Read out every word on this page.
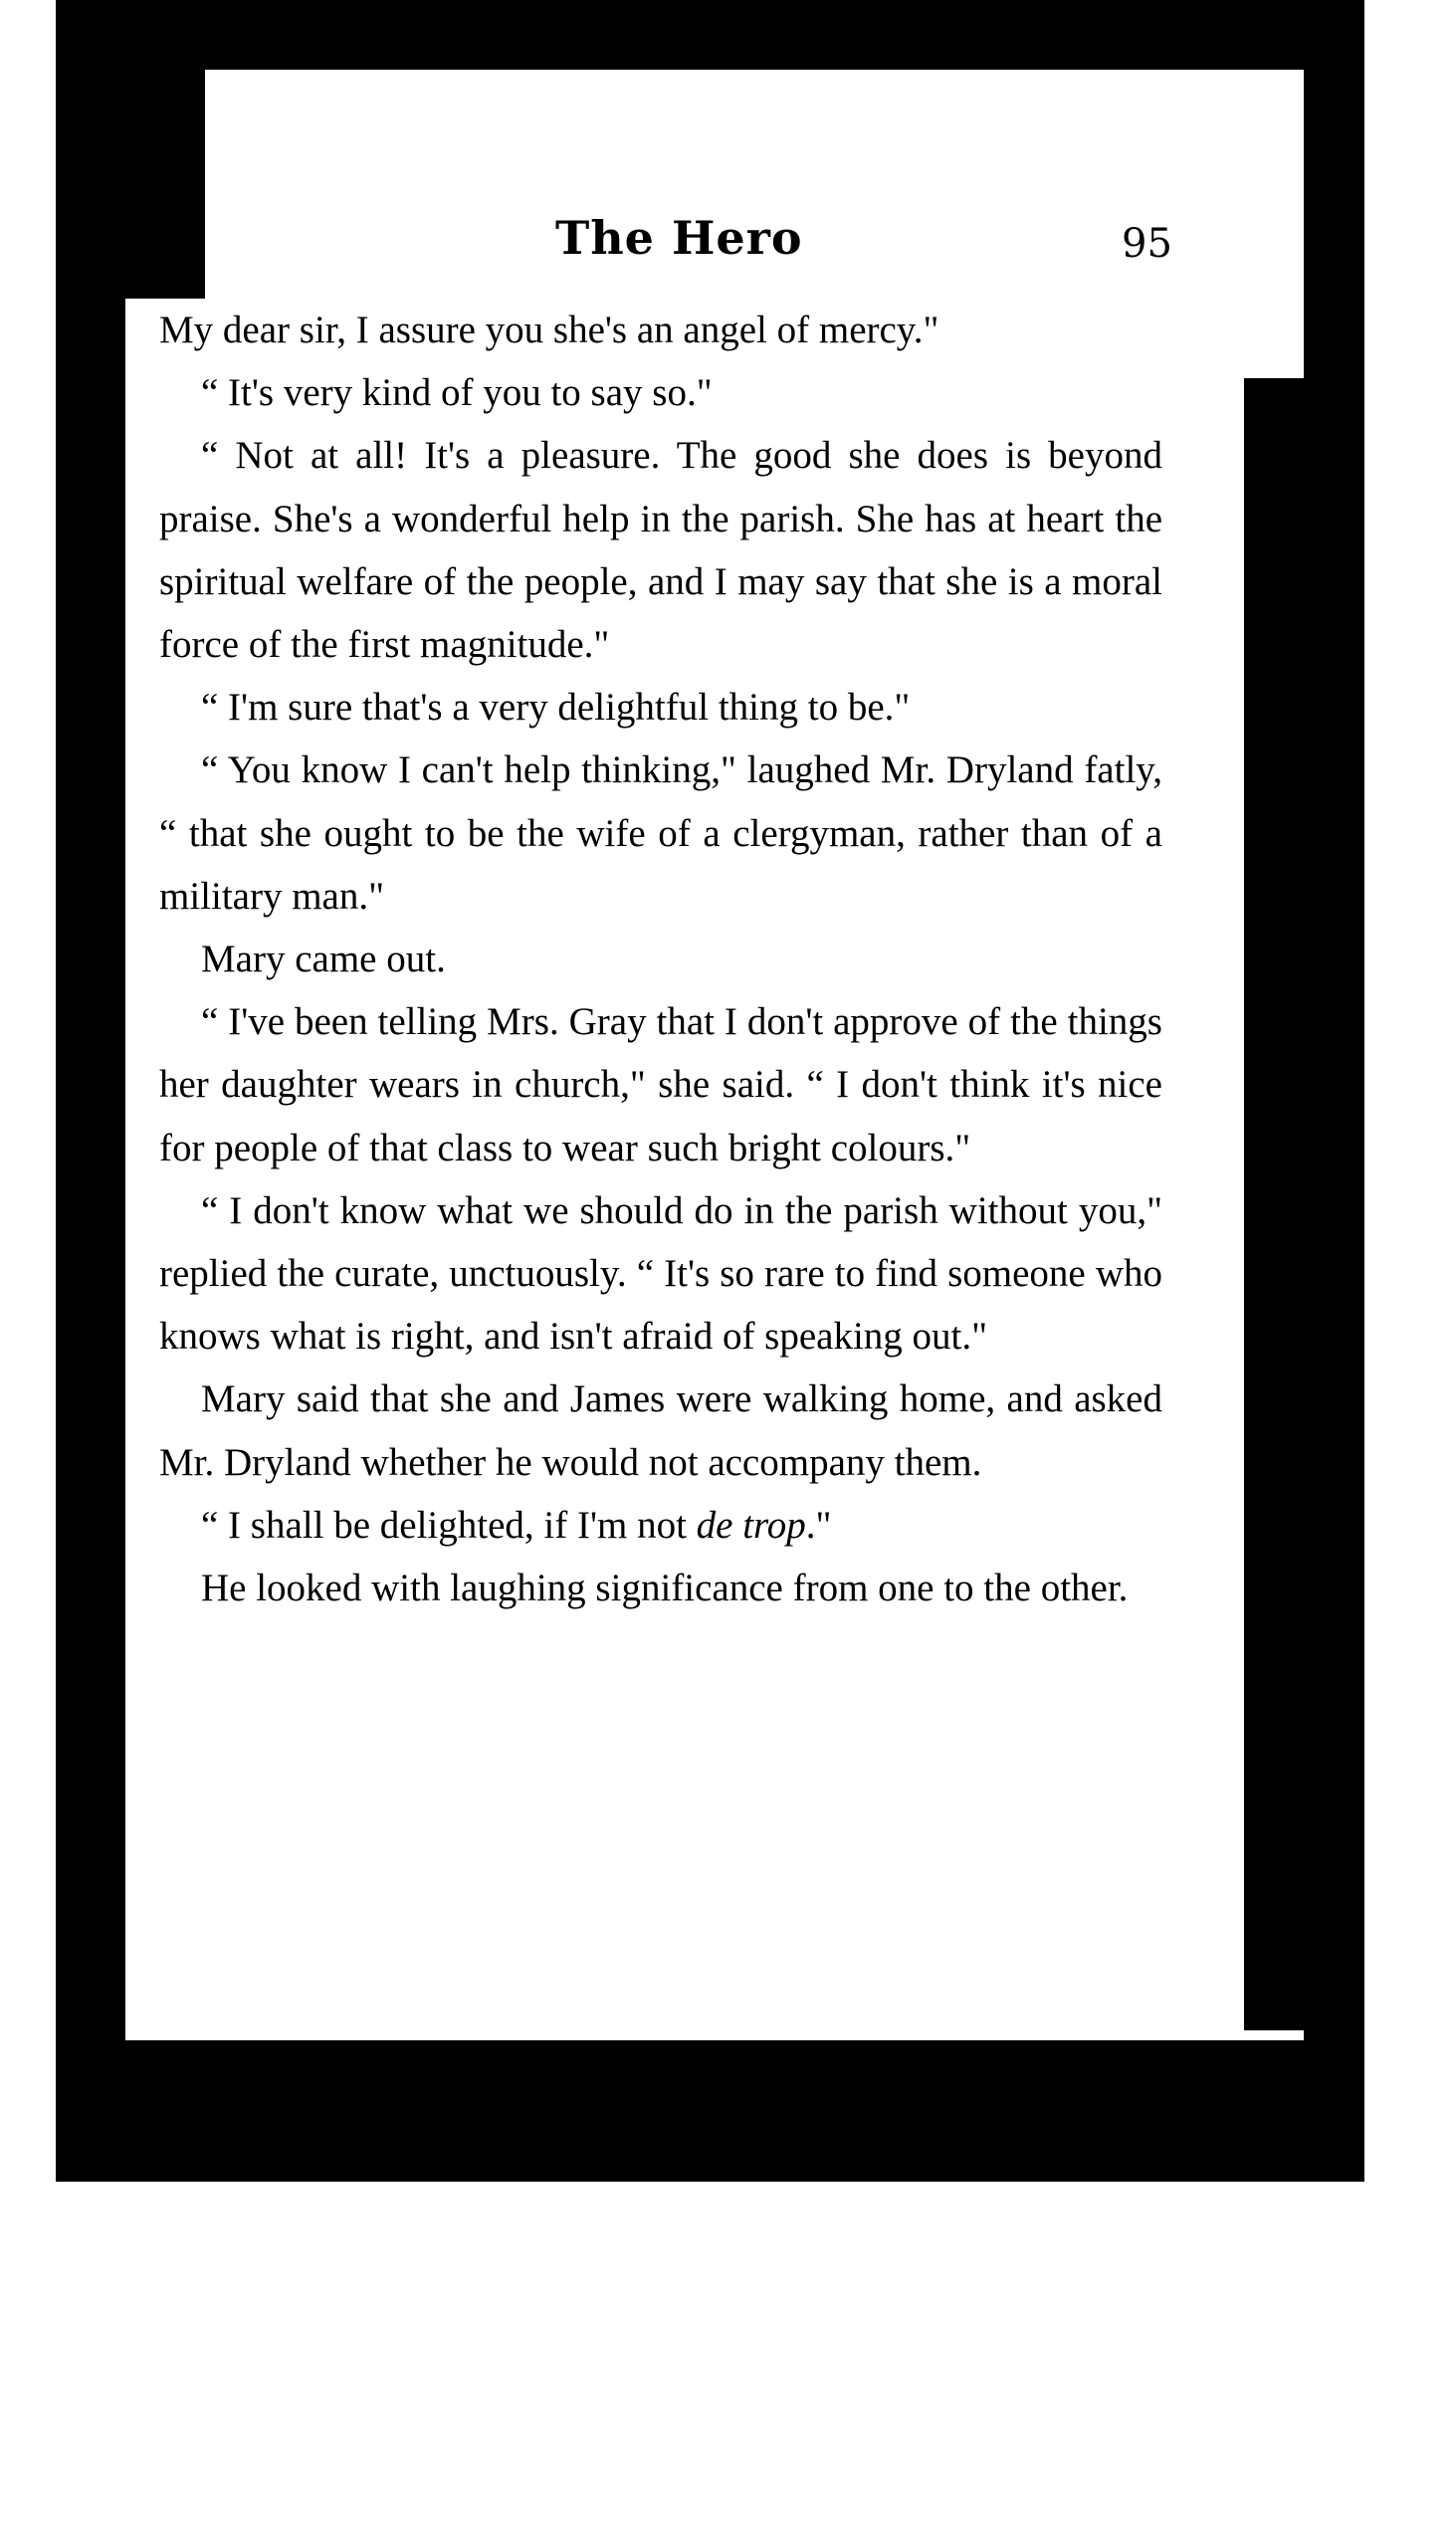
The Hero	95

My dear sir, I assure you she's an angel of mercy."

“ It's very kind of you to say so."

“ Not at all! It's a pleasure. The good she does is beyond praise. She's a wonderful help in the parish. She has at heart the spiritual welfare of the people, and I may say that she is a moral force of the first magnitude."

“ I'm sure that's a very delightful thing to be."

“ You know I can't help thinking," laughed Mr. Dryland fatly, “ that she ought to be the wife of a clergyman, rather than of a military man."

Mary came out.

“ I've been telling Mrs. Gray that I don't approve of the things her daughter wears in church," she said. “ I don't think it's nice for people of that class to wear such bright colours."

“ I don't know what we should do in the parish without you," replied the curate, unctuously. “ It's so rare to find someone who knows what is right, and isn't afraid of speaking out."

Mary said that she and James were walking home, and asked Mr. Dryland whether he would not accompany them.

“ I shall be delighted, if I'm not de trop."

He looked with laughing significance from one to the other.
